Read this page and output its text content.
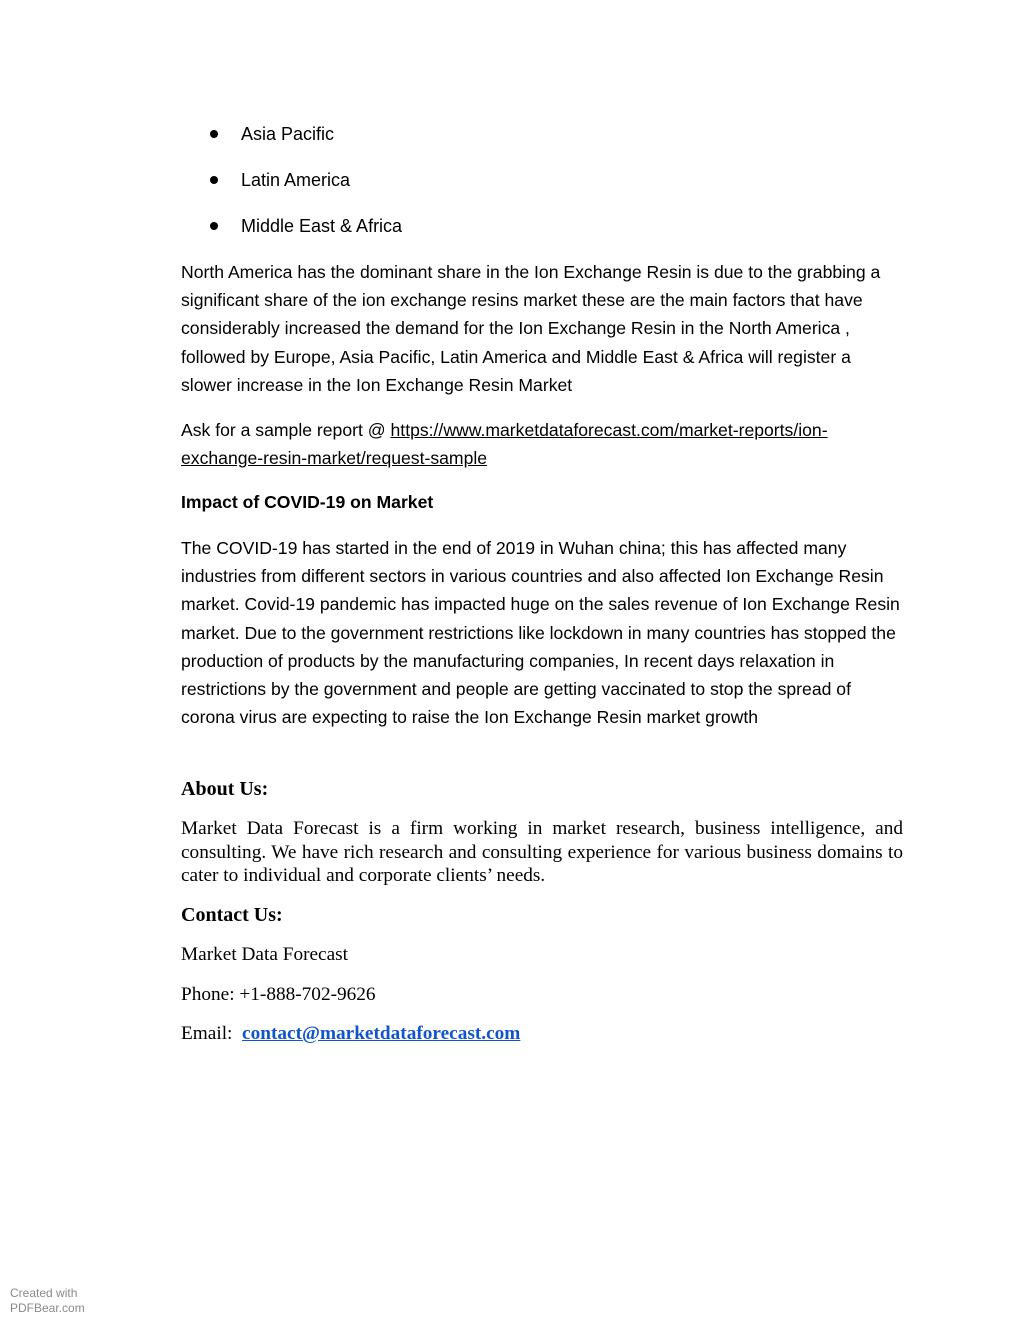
Asia Pacific
Latin America
Middle East & Africa

North America has the dominant share in the Ion Exchange Resin is due to the grabbing a significant share of the ion exchange resins market these are the main factors that have considerably increased the demand for the Ion Exchange Resin in the North America , followed by Europe, Asia Pacific, Latin America and Middle East & Africa will register a slower increase in the Ion Exchange Resin Market

Ask for a sample report @ https://www.marketdataforecast.com/market-reports/ion-exchange-resin-market/request-sample

Impact of COVID-19 on Market

The COVID-19 has started in the end of 2019 in Wuhan china; this has affected many industries from different sectors in various countries and also affected Ion Exchange Resin market. Covid-19 pandemic has impacted huge on the sales revenue of Ion Exchange Resin market. Due to the government restrictions like lockdown in many countries has stopped the production of products by the manufacturing companies, In recent days relaxation in restrictions by the government and people are getting vaccinated to stop the spread of corona virus are expecting to raise the Ion Exchange Resin market growth

About Us:

Market Data Forecast is a firm working in market research, business intelligence, and consulting. We have rich research and consulting experience for various business domains to cater to individual and corporate clients’ needs.

Contact Us:
Market Data Forecast
Phone: +1-888-702-9626
Email:  contact@marketdataforecast.com
Created with
PDFBear.com
